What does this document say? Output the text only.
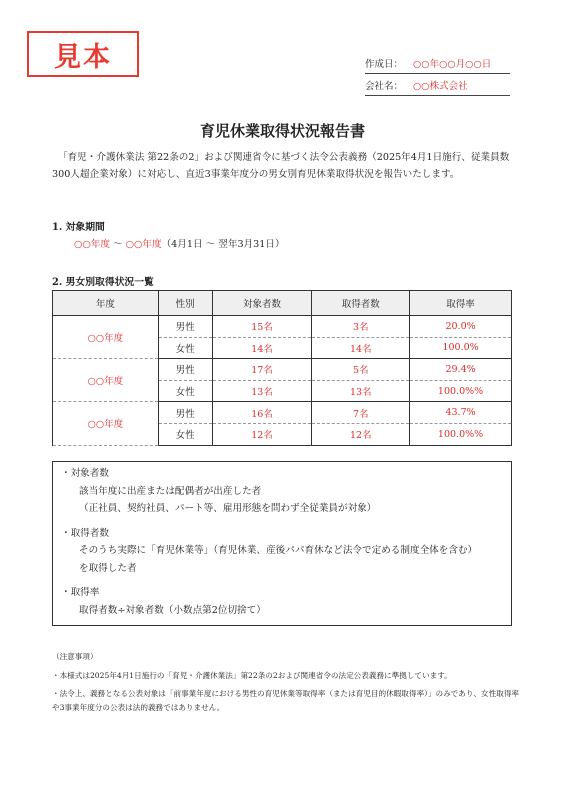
見本	作成日：	○○年○○月○○日
会社名：	○○株式会社
育児休業取得状況報告書
「育児・介護休業法 第22条の2」および関連省令に基づく法令公表義務（2025年4月1日施行、従業員数300人超企業対象）に対応し、直近3事業年度分の男女別育児休業取得状況を報告いたします。
1. 対象期間
○○年度 ～ ○○年度（4月1日 ～ 翌年3月31日）
2. 男女別取得状況一覧
年度	性別	対象者数	取得者数	取得率
○○年度	男性	15名	3名	20.0%
	女性	14名	14名	100.0%
○○年度	男性	17名	5名	29.4%
	女性	13名	13名	100.0%%
○○年度	男性	16名	7名	43.7%
	女性	12名	12名	100.0%%
・対象者数
該当年度に出産または配偶者が出産した者
（正社員、契約社員、パート等、雇用形態を問わず全従業員が対象）
・取得者数
そのうち実際に「育児休業等」（育児休業、産後パパ育休など法令で定める制度全体を含む）
を取得した者
・取得率
取得者数÷対象者数（小数点第2位切捨て）
（注意事項）
・本様式は2025年4月1日施行の「育児・介護休業法」第22条の2および関連省令の法定公表義務に準拠しています。
・法令上、義務となる公表対象は「前事業年度における男性の育児休業等取得率（または育児目的休暇取得率）」のみであり、女性取得率や3事業年度分の公表は法的義務ではありません。
